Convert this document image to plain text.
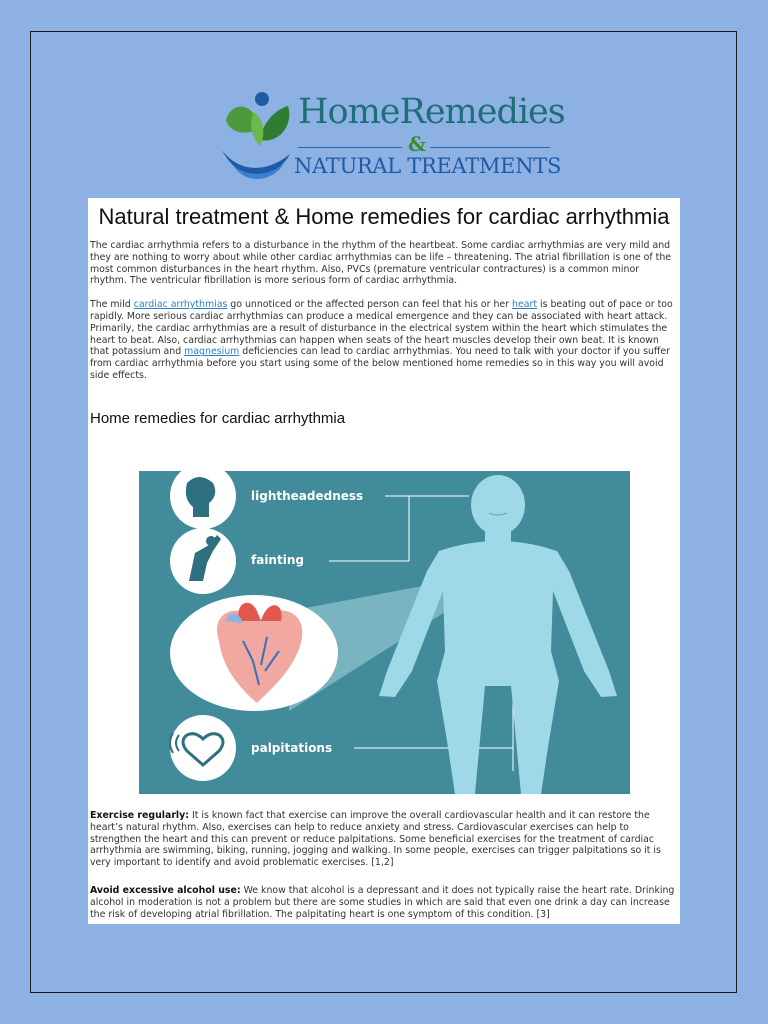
HomeRemedies
&
NATURAL TREATMENTS
Natural treatment & Home remedies for cardiac arrhythmia

The cardiac arrhythmia refers to a disturbance in the rhythm of the heartbeat. Some cardiac arrhythmias are very mild and they are nothing to worry about while other cardiac arrhythmias can be life – threatening. The atrial fibrillation is one of the most common disturbances in the heart rhythm. Also, PVCs (premature ventricular contractures) is a common minor rhythm. The ventricular fibrillation is more serious form of cardiac arrhythmia.

The mild cardiac arrhythmias go unnoticed or the affected person can feel that his or her heart is beating out of pace or too rapidly. More serious cardiac arrhythmias can produce a medical emergence and they can be associated with heart attack. Primarily, the cardiac arrhythmias are a result of disturbance in the electrical system within the heart which stimulates the heart to beat. Also, cardiac arrhythmias can happen when seats of the heart muscles develop their own beat. It is known that potassium and magnesium deficiencies can lead to cardiac arrhythmias. You need to talk with your doctor if you suffer from cardiac arrhythmia before you start using some of the below mentioned home remedies so in this way you will avoid side effects.

Home remedies for cardiac arrhythmia
lightheadedness
fainting
palpitations

Exercise regularly: It is known fact that exercise can improve the overall cardiovascular health and it can restore the heart’s natural rhythm. Also, exercises can help to reduce anxiety and stress. Cardiovascular exercises can help to strengthen the heart and this can prevent or reduce palpitations. Some beneficial exercises for the treatment of cardiac arrhythmia are swimming, biking, running, jogging and walking. In some people, exercises can trigger palpitations so it is very important to identify and avoid problematic exercises. [1,2]

Avoid excessive alcohol use: We know that alcohol is a depressant and it does not typically raise the heart rate. Drinking alcohol in moderation is not a problem but there are some studies in which are said that even one drink a day can increase the risk of developing atrial fibrillation. The palpitating heart is one symptom of this condition. [3]
